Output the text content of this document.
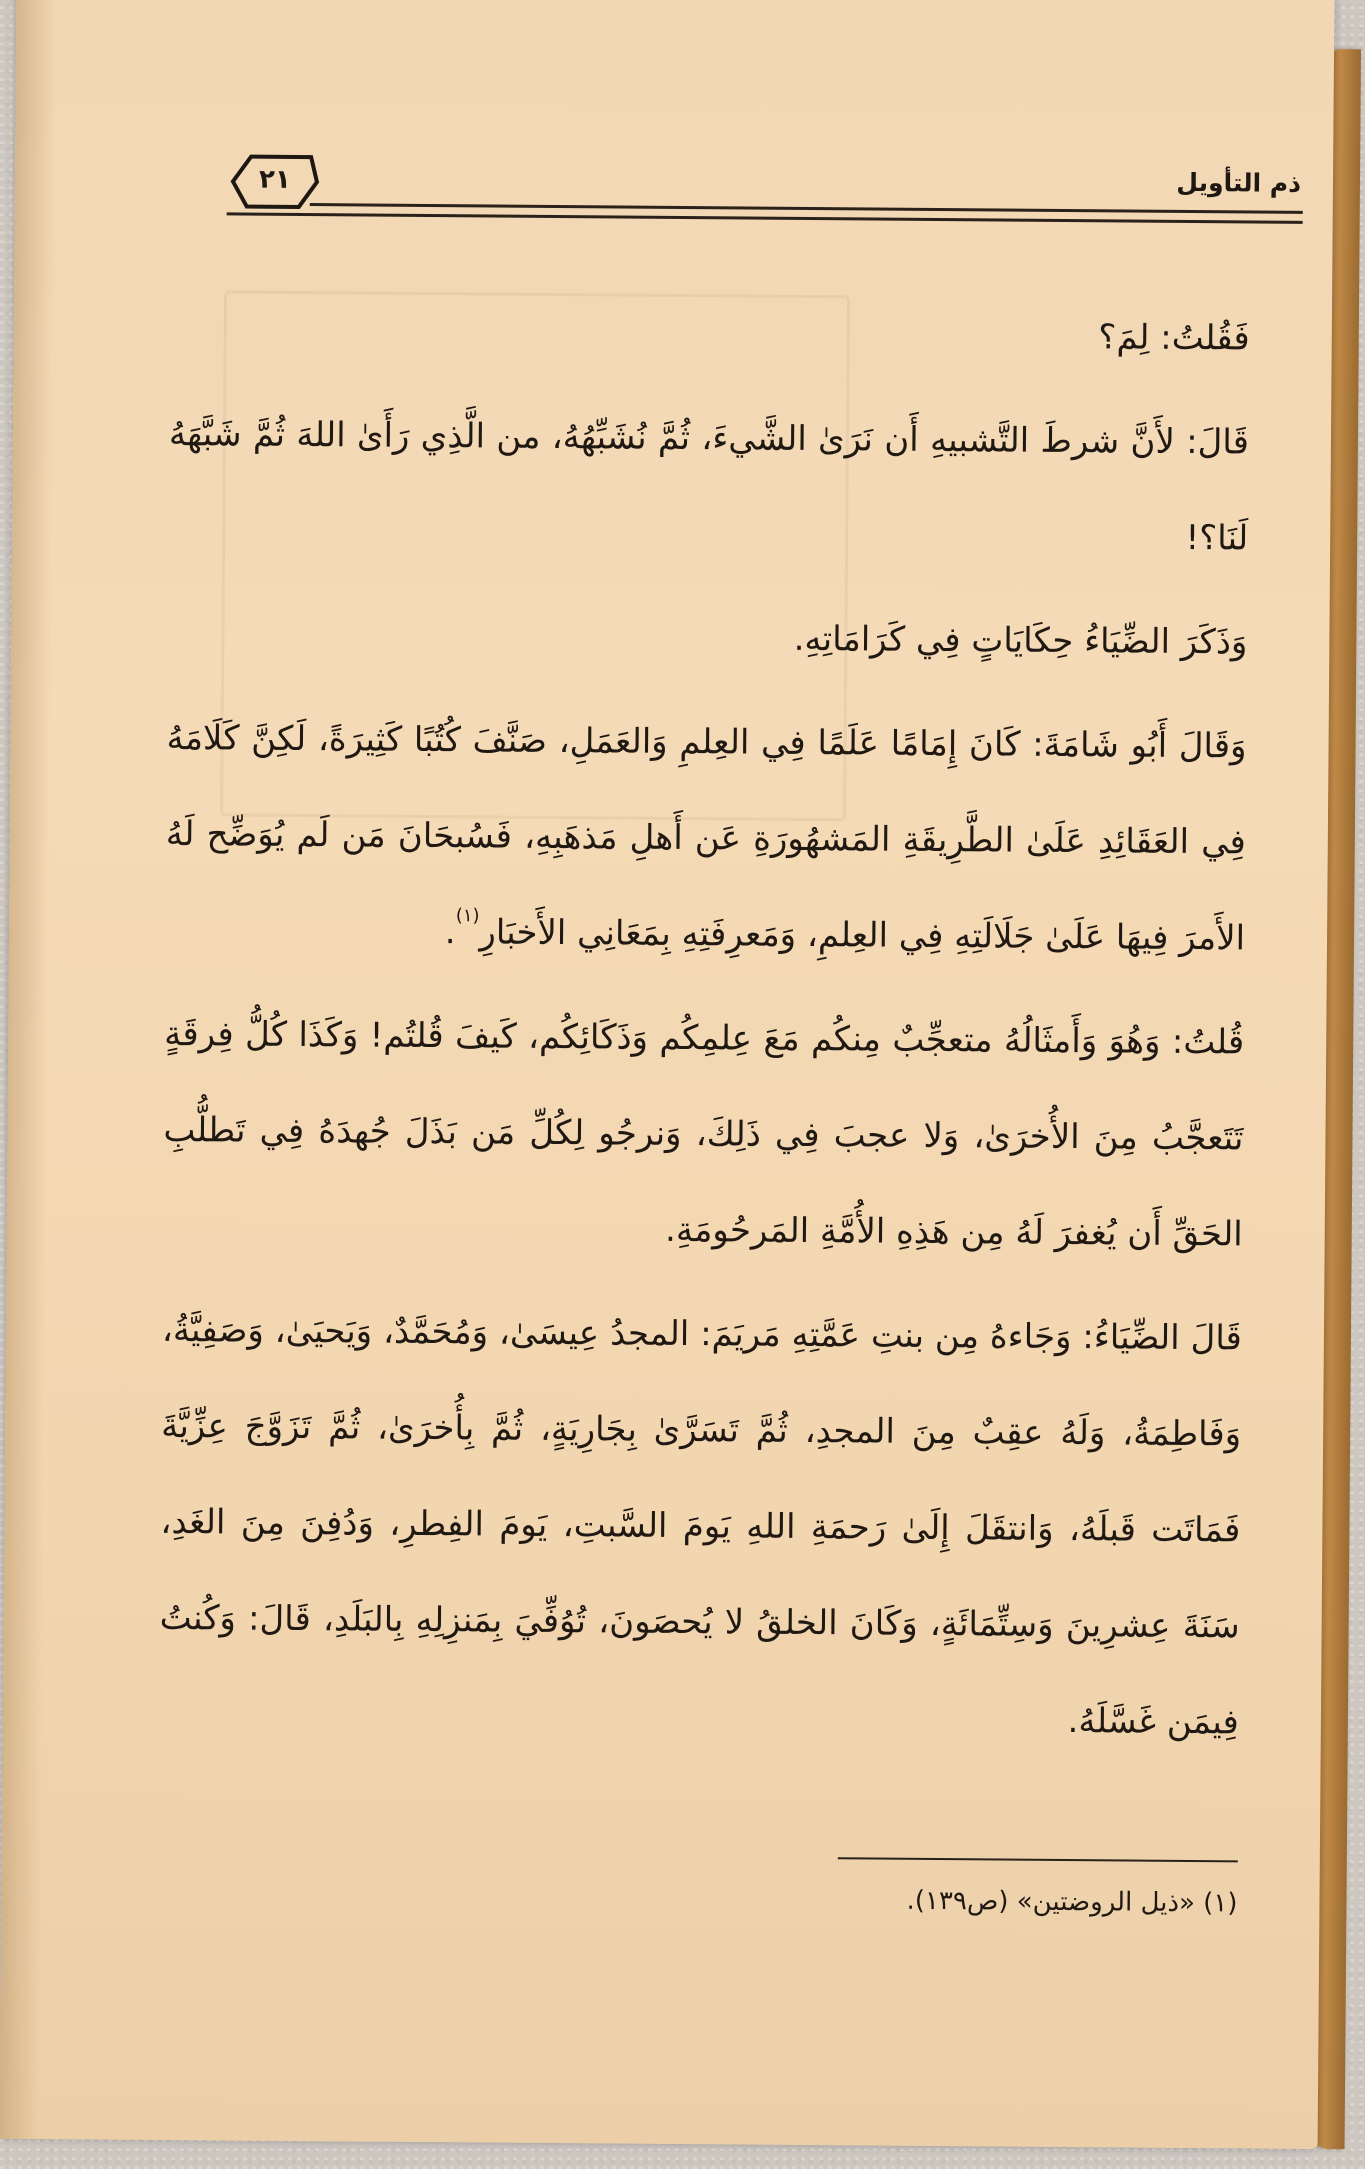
٢١	ذم التأويل

فَقُلتُ: لِمَ؟

قَالَ: لأَنَّ شرطَ التَّشبيهِ أَن نَرَىٰ الشَّيءَ، ثُمَّ نُشَبِّهُهُ، من الَّذِي رَأَىٰ اللهَ ثُمَّ شَبَّهَهُ لَنَا؟!

وَذَكَرَ الضِّيَاءُ حِكَايَاتٍ فِي كَرَامَاتِهِ.

وَقَالَ أَبُو شَامَةَ: كَانَ إِمَامًا عَلَمًا فِي العِلمِ وَالعَمَلِ، صَنَّفَ كُتُبًا كَثِيرَةً، لَكِنَّ كَلَامَهُ فِي العَقَائِدِ عَلَىٰ الطَّرِيقَةِ المَشهُورَةِ عَن أَهلِ مَذهَبِهِ، فَسُبحَانَ مَن لَم يُوَضِّح لَهُ الأَمرَ فِيهَا عَلَىٰ جَلَالَتِهِ فِي العِلمِ، وَمَعرِفَتِهِ بِمَعَانِي الأَخبَارِ$^{(١)}$.

قُلتُ: وَهُوَ وَأَمثَالُهُ متعجِّبٌ مِنكُم مَعَ عِلمِكُم وَذَكَائِكُم، كَيفَ قُلتُم! وَكَذَا كُلُّ فِرقَةٍ تَتَعجَّبُ مِنَ الأُخرَىٰ، وَلا عجبَ فِي ذَلِكَ، وَنرجُو لِكُلِّ مَن بَذَلَ جُهدَهُ فِي تَطلُّبِ الحَقِّ أَن يُغفرَ لَهُ مِن هَذِهِ الأُمَّةِ المَرحُومَةِ.

قَالَ الضِّيَاءُ: وَجَاءهُ مِن بنتِ عَمَّتِهِ مَريَمَ: المجدُ عِيسَىٰ، وَمُحَمَّدٌ، وَيَحيَىٰ، وَصَفِيَّةُ، وَفَاطِمَةُ، وَلَهُ عقِبٌ مِنَ المجدِ، ثُمَّ تَسَرَّىٰ بِجَارِيَةٍ، ثُمَّ بِأُخرَىٰ، ثُمَّ تَزَوَّجَ عِزِّيَّةَ فَمَاتَت قَبلَهُ، وَانتقَلَ إِلَىٰ رَحمَةِ اللهِ يَومَ السَّبتِ، يَومَ الفِطرِ، وَدُفِنَ مِنَ الغَدِ، سَنَةَ عِشرِينَ وَسِتِّمَائَةٍ، وَكَانَ الخلقُ لا يُحصَونَ، تُوُفِّيَ بِمَنزِلِهِ بِالبَلَدِ، قَالَ: وَكُنتُ فِيمَن غَسَّلَهُ.

(١) «ذيل الروضتين» (ص١٣٩).
